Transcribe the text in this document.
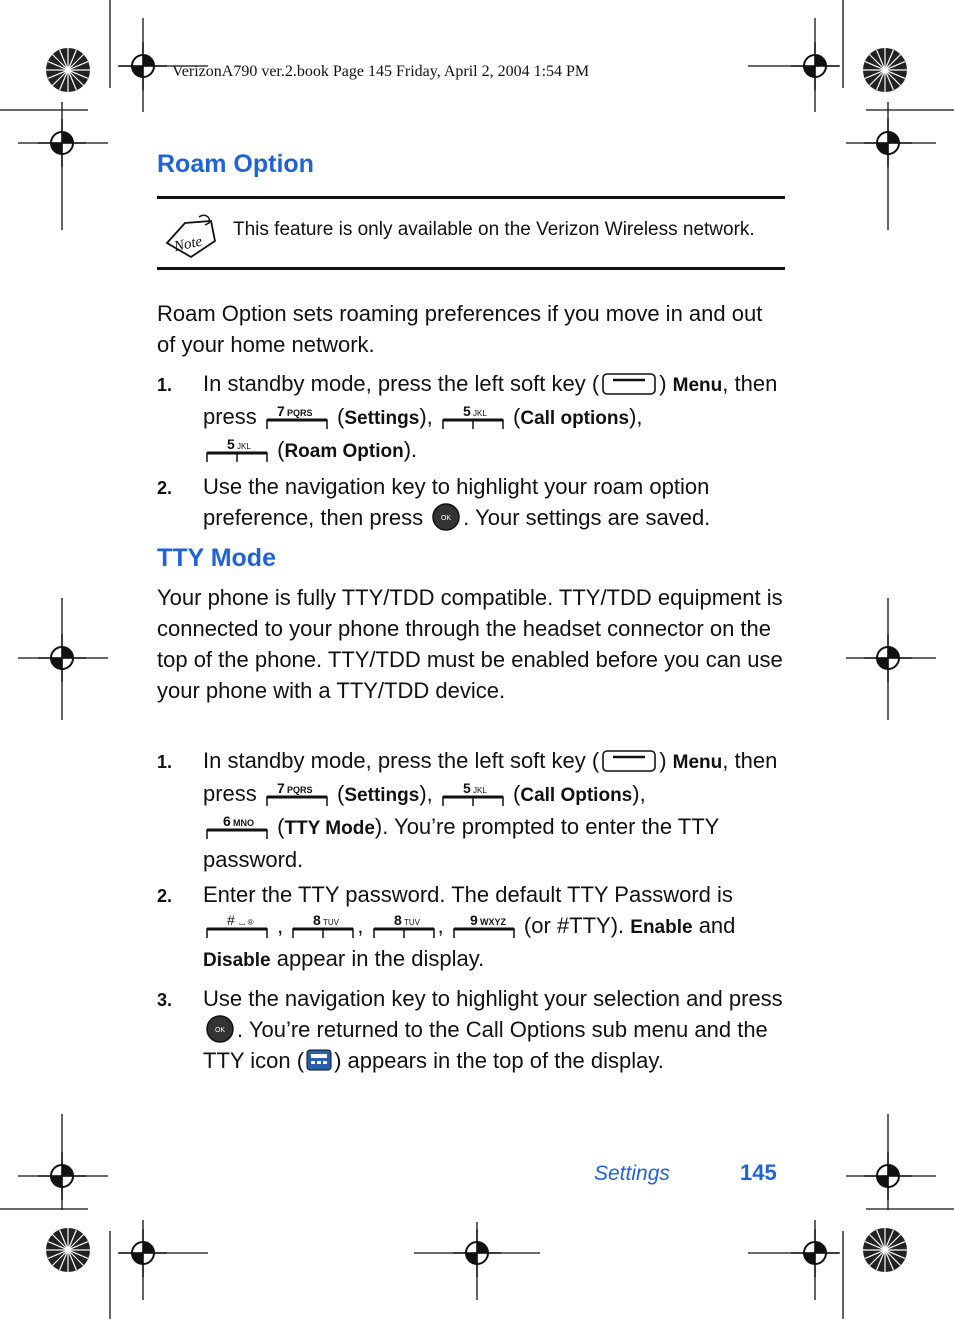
VerizonA790 ver.2.book Page 145 Friday, April 2, 2004 1:54 PM
Roam Option
Note
This feature is only available on the Verizon Wireless network.

Roam Option sets roaming preferences if you move in and out of your home network.

1. In standby mode, press the left soft key (	) Menu, then press 7 PQRS (Settings), 5 JKL (Call options),

5 JKL (Roam Option).
2. Use the navigation key to highlight your roam option preference, then press OK . Your settings are saved.
TTY Mode

Your phone is fully TTY/TDD compatible. TTY/TDD equipment is connected to your phone through the headset connector on the top of the phone. TTY/TDD must be enabled before you can use your phone with a TTY/TDD device.

1. In standby mode, press the left soft key (	) Menu, then press 7 PQRS (Settings), 5 JKL (Call Options),

6 MNO (TTY Mode). You’re prompted to enter the TTY password.
2. Enter the TTY password. The default TTY Password is

# ⌴ ® , 8 TUV , 8 TUV , 9 WXYZ (or #TTY). Enable and
Disable appear in the display.
3. Use the navigation key to highlight your selection and press
OK . You’re returned to the Call Options sub menu and the TTY icon ( ) appears in the top of the display.
Settings	145
